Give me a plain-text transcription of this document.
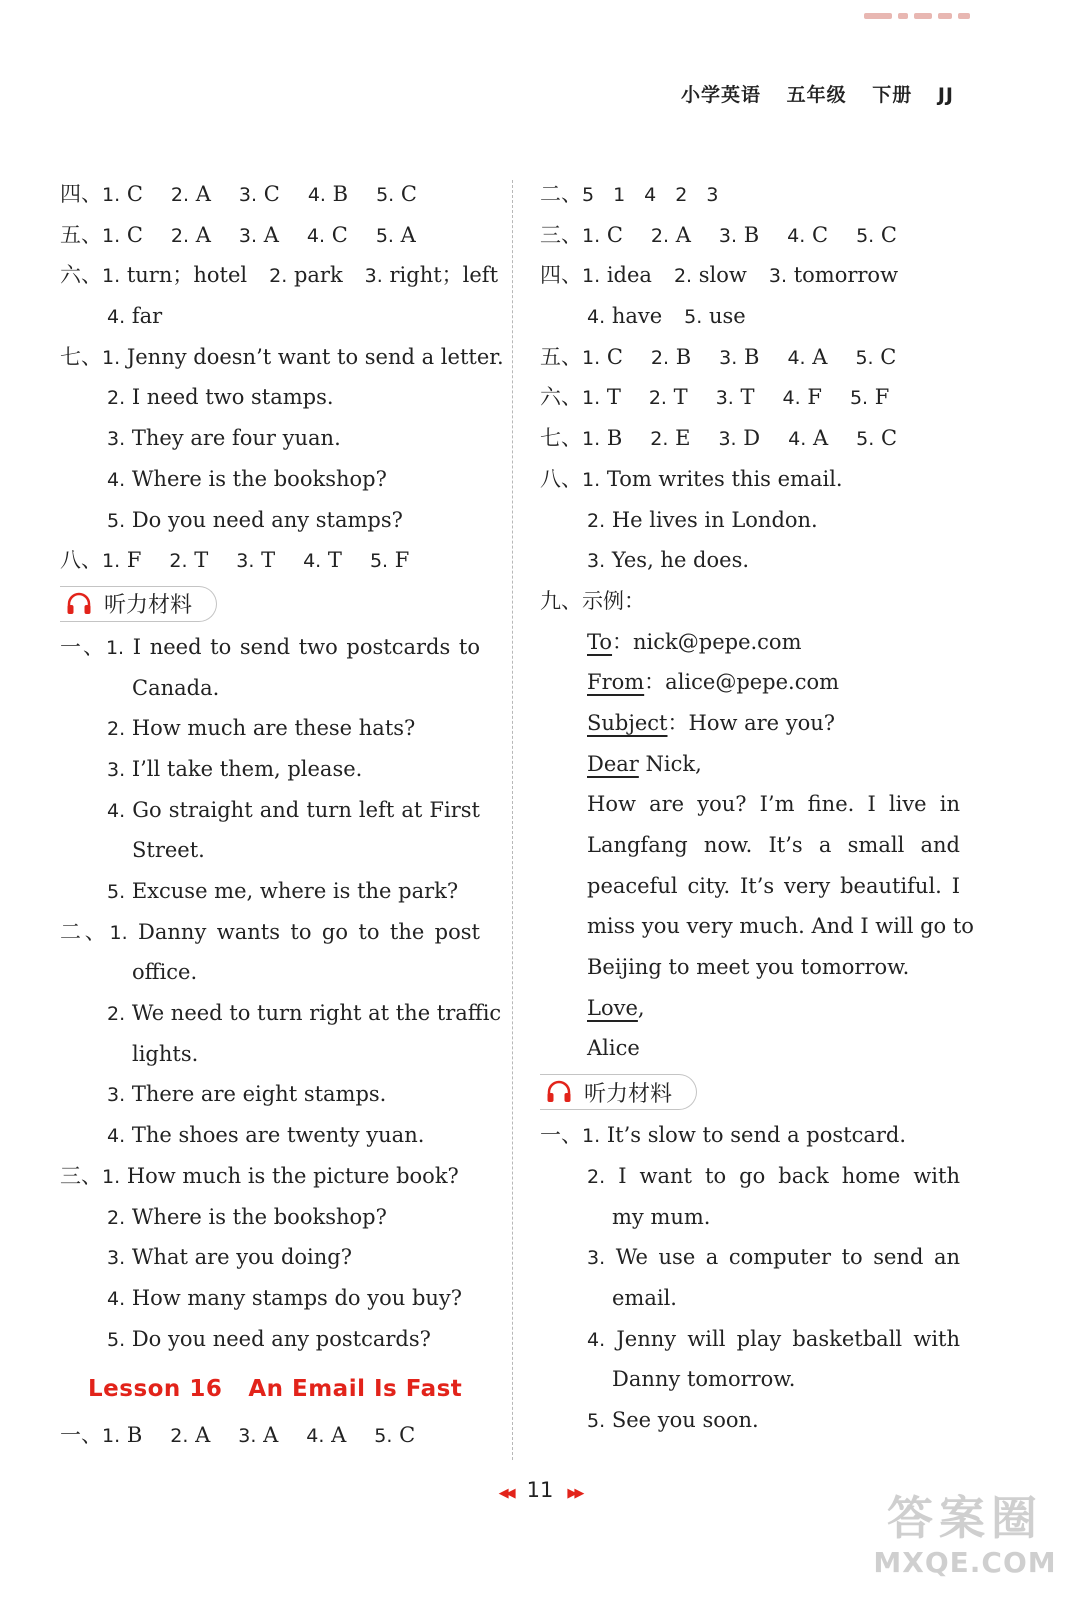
小学英语 五年级 下册 JJ
四、1. C 2. A 3. C 4. B 5. C
五、1. C 2. A 3. A 4. C 5. A
六、1. turn；hotel 2. park 3. right；left
4. far
七、1. Jenny doesn’t want to send a letter.
2. I need two stamps.
3. They are four yuan.
4. Where is the bookshop?
5. Do you need any stamps?
八、1. F 2. T 3. T 4. T 5. F
听力材料
一、1. I need to send two postcards to
Canada.
2. How much are these hats?
3. I’ll take them, please.
4. Go straight and turn left at First
Street.
5. Excuse me, where is the park?
二、1. Danny wants to go to the post
office.
2. We need to turn right at the traffic
lights.
3. There are eight stamps.
4. The shoes are twenty yuan.
三、1. How much is the picture book?
2. Where is the bookshop?
3. What are you doing?
4. How many stamps do you buy?
5. Do you need any postcards?
Lesson 16 An Email Is Fast
一、1. B 2. A 3. A 4. A 5. C
二、5　1　4　2　3
三、1. C 2. A 3. B 4. C 5. C
四、1. idea 2. slow 3. tomorrow
4. have 5. use
五、1. C 2. B 3. B 4. A 5. C
六、1. T 2. T 3. T 4. F 5. F
七、1. B 2. E 3. D 4. A 5. C
八、1. Tom writes this email.
2. He lives in London.
3. Yes, he does.
九、示例：
To：nick@pepe.com
From：alice@pepe.com
Subject：How are you?
Dear Nick,
How are you? I’m fine. I live in
Langfang now. It’s a small and
peaceful city. It’s very beautiful. I
miss you very much. And I will go to
Beijing to meet you tomorrow.
Love,
Alice
听力材料
一、1. It’s slow to send a postcard.
2. I want to go back home with
my mum.
3. We use a computer to send an
email.
4. Jenny will play basketball with
Danny tomorrow.
5. See you soon.
◀◀ 11 ▶▶	答案圈
MXQE.COM
